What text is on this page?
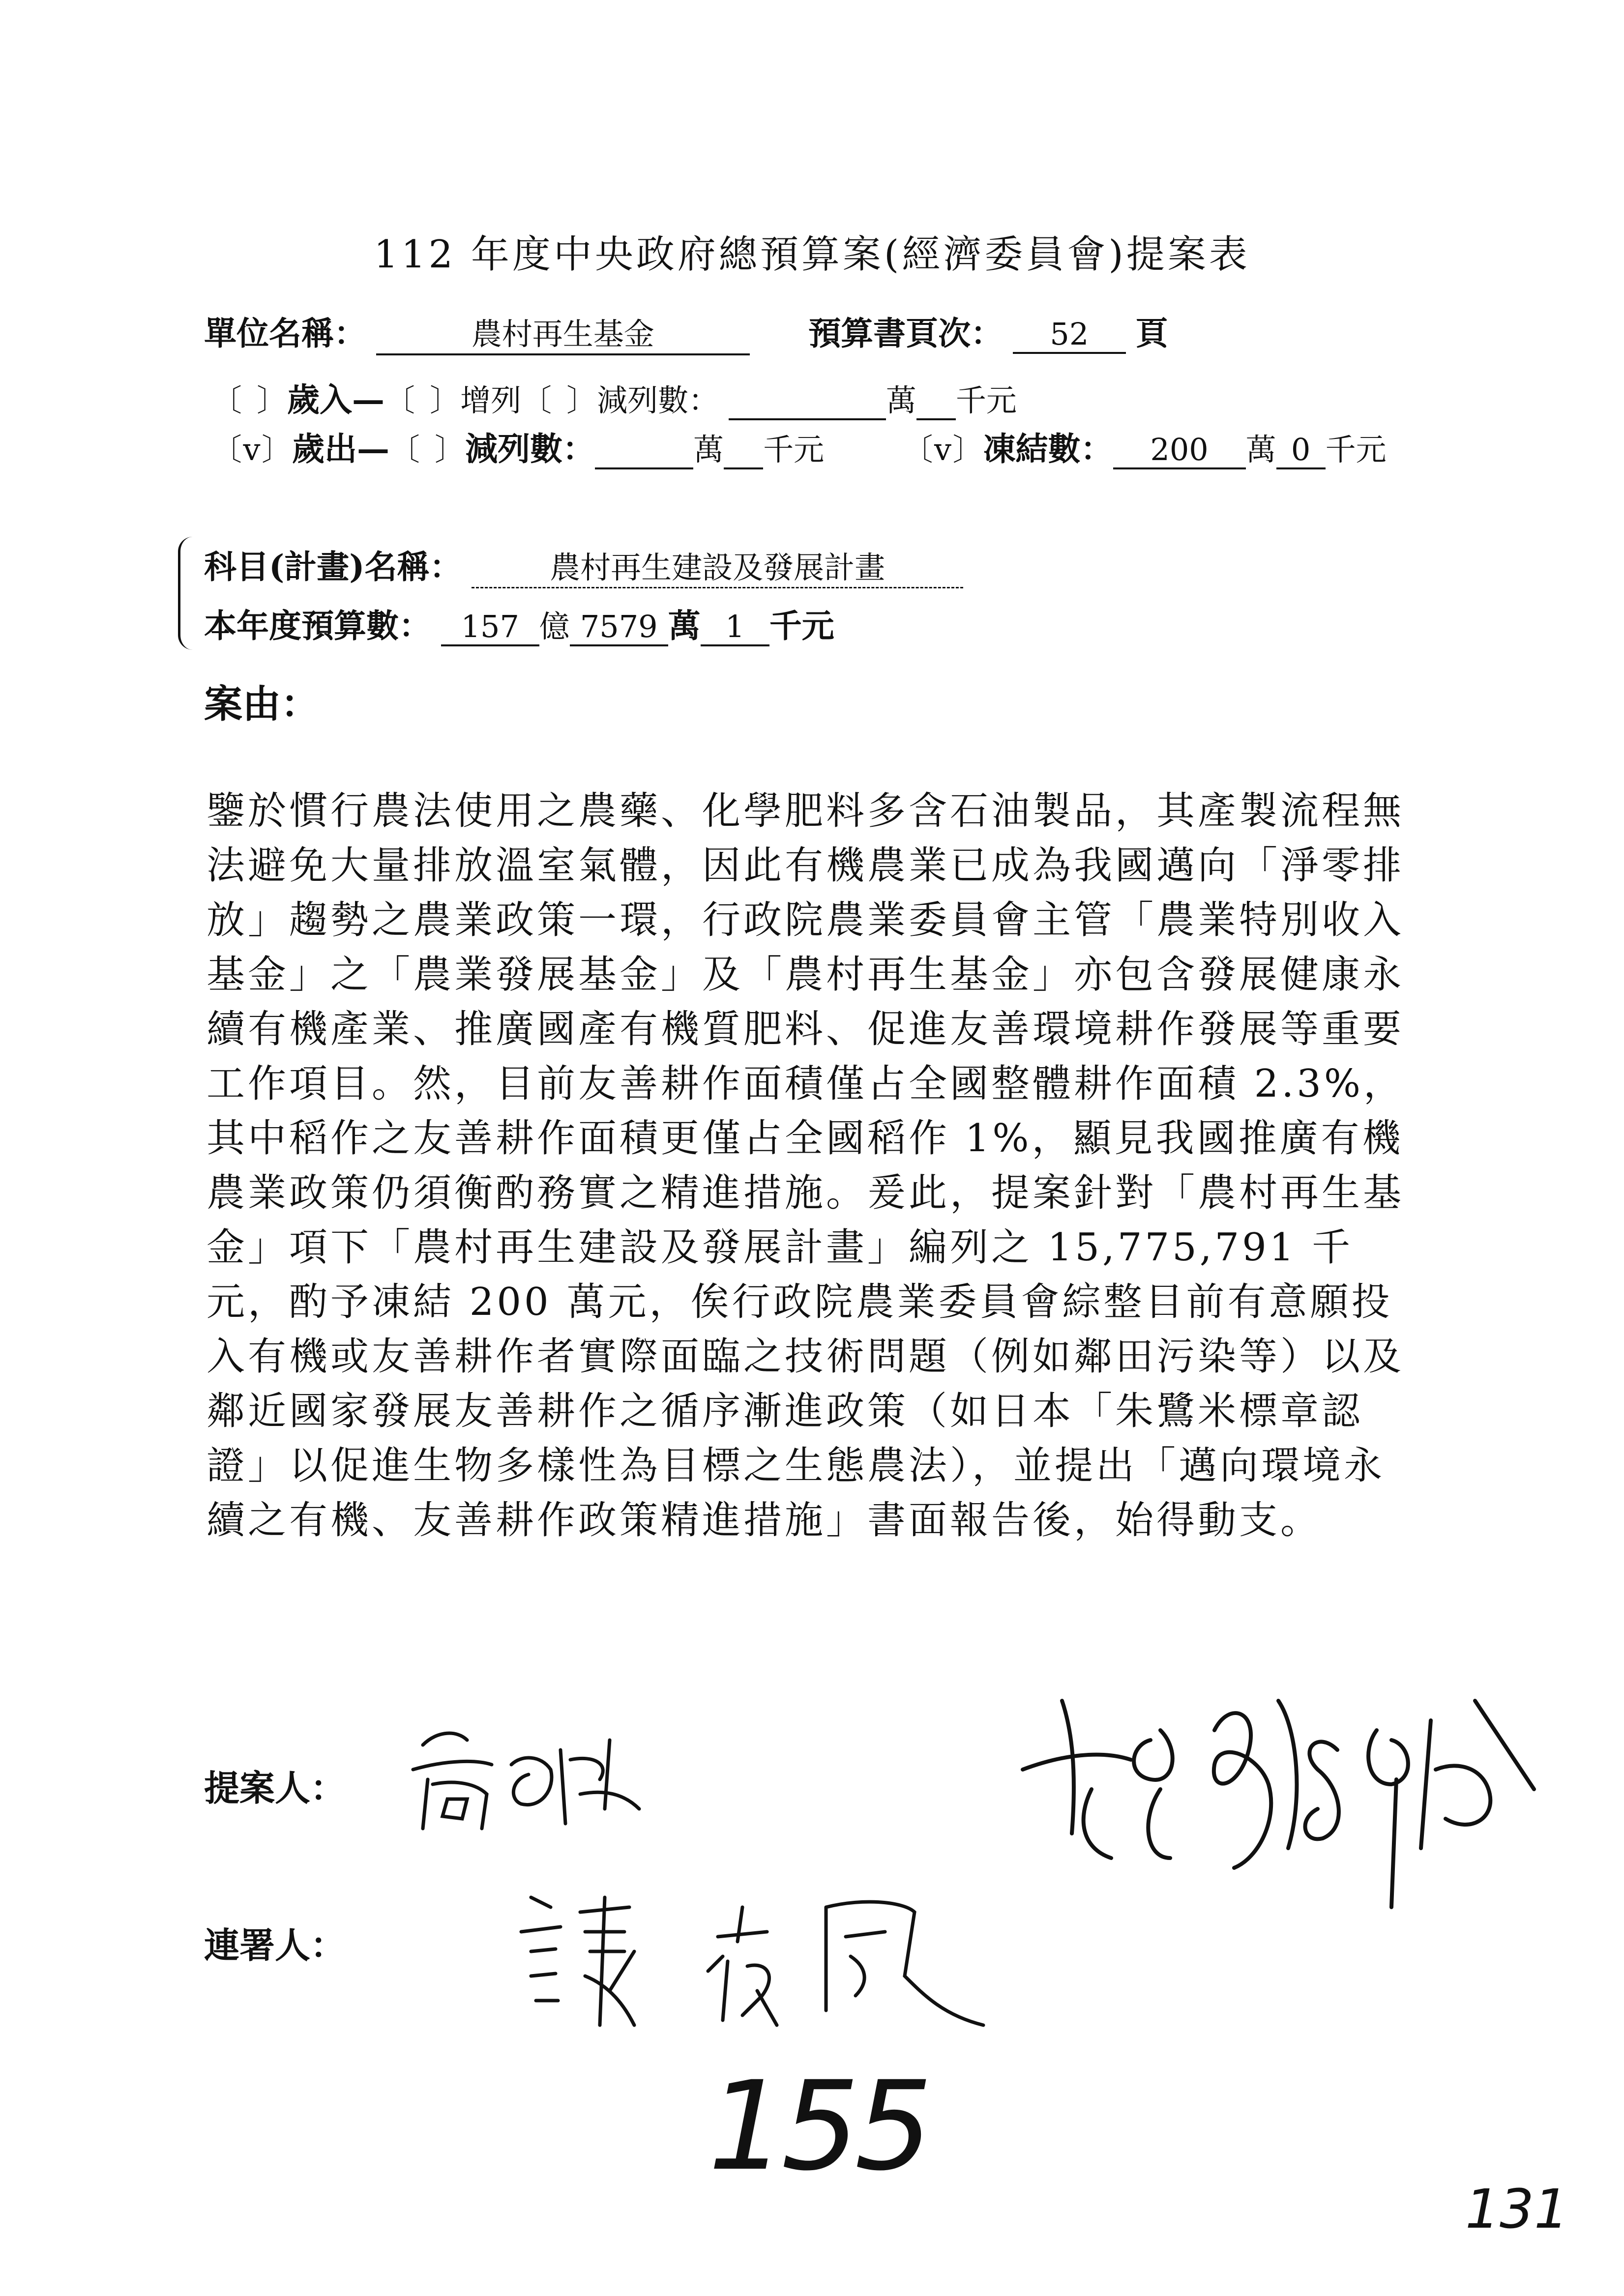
112 年度中央政府總預算案(經濟委員會)提案表
單位名稱：	農村再生基金	預算書頁次： 52 頁
〔 〕歲入—〔 〕增列〔 〕減列數：	萬 千元
〔v〕歲出—〔 〕減列數：	萬 千元	〔v〕凍結數： 200 萬 0 千元
科目(計畫)名稱：	農村再生建設及發展計畫
本年度預算數： 157 億 7579 萬 1 千元
案由：
鑒於慣行農法使用之農藥、化學肥料多含石油製品，其產製流程無法避免大量排放溫室氣體，因此有機農業已成為我國邁向「淨零排放」趨勢之農業政策一環，行政院農業委員會主管「農業特別收入基金」之「農業發展基金」及「農村再生基金」亦包含發展健康永續有機產業、推廣國產有機質肥料、促進友善環境耕作發展等重要工作項目。然，目前友善耕作面積僅占全國整體耕作面積 2.3%，其中稻作之友善耕作面積更僅占全國稻作 1%，顯見我國推廣有機農業政策仍須衡酌務實之精進措施。爰此，提案針對「農村再生基金」項下「農村再生建設及發展計畫」編列之 15,775,791 千元，酌予凍結 200 萬元，俟行政院農業委員會綜整目前有意願投入有機或友善耕作者實際面臨之技術問題（例如鄰田污染等）以及鄰近國家發展友善耕作之循序漸進政策（如日本「朱鷺米標章認證」以促進生物多樣性為目標之生態農法），並提出「邁向環境永續之有機、友善耕作政策精進措施」書面報告後，始得動支。
提案人：
連署人：
155
131
